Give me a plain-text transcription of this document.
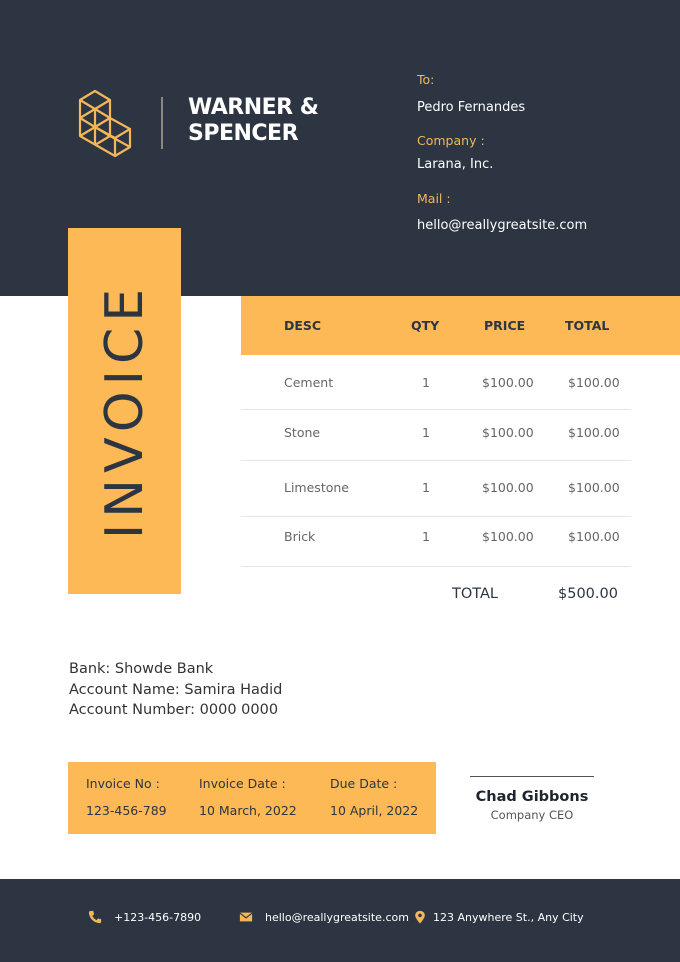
WARNER &
SPENCER
To:
Pedro Fernandes
Company :
Larana, Inc.
Mail :
hello@reallygreatsite.com
INVOICE	DESC	QTY	PRICE	TOTAL
Cement	1	$100.00	$100.00
Stone	1	$100.00	$100.00
Limestone	1	$100.00	$100.00
Brick	1	$100.00	$100.00
TOTAL	$500.00
Bank: Showde Bank
Account Name: Samira Hadid
Account Number: 0000 0000
Invoice No :
123-456-789
Invoice Date :
10 March, 2022
Due Date :
10 April, 2022
Chad Gibbons
Company CEO
+123-456-7890	hello@reallygreatsite.com 123 Anywhere St., Any City
